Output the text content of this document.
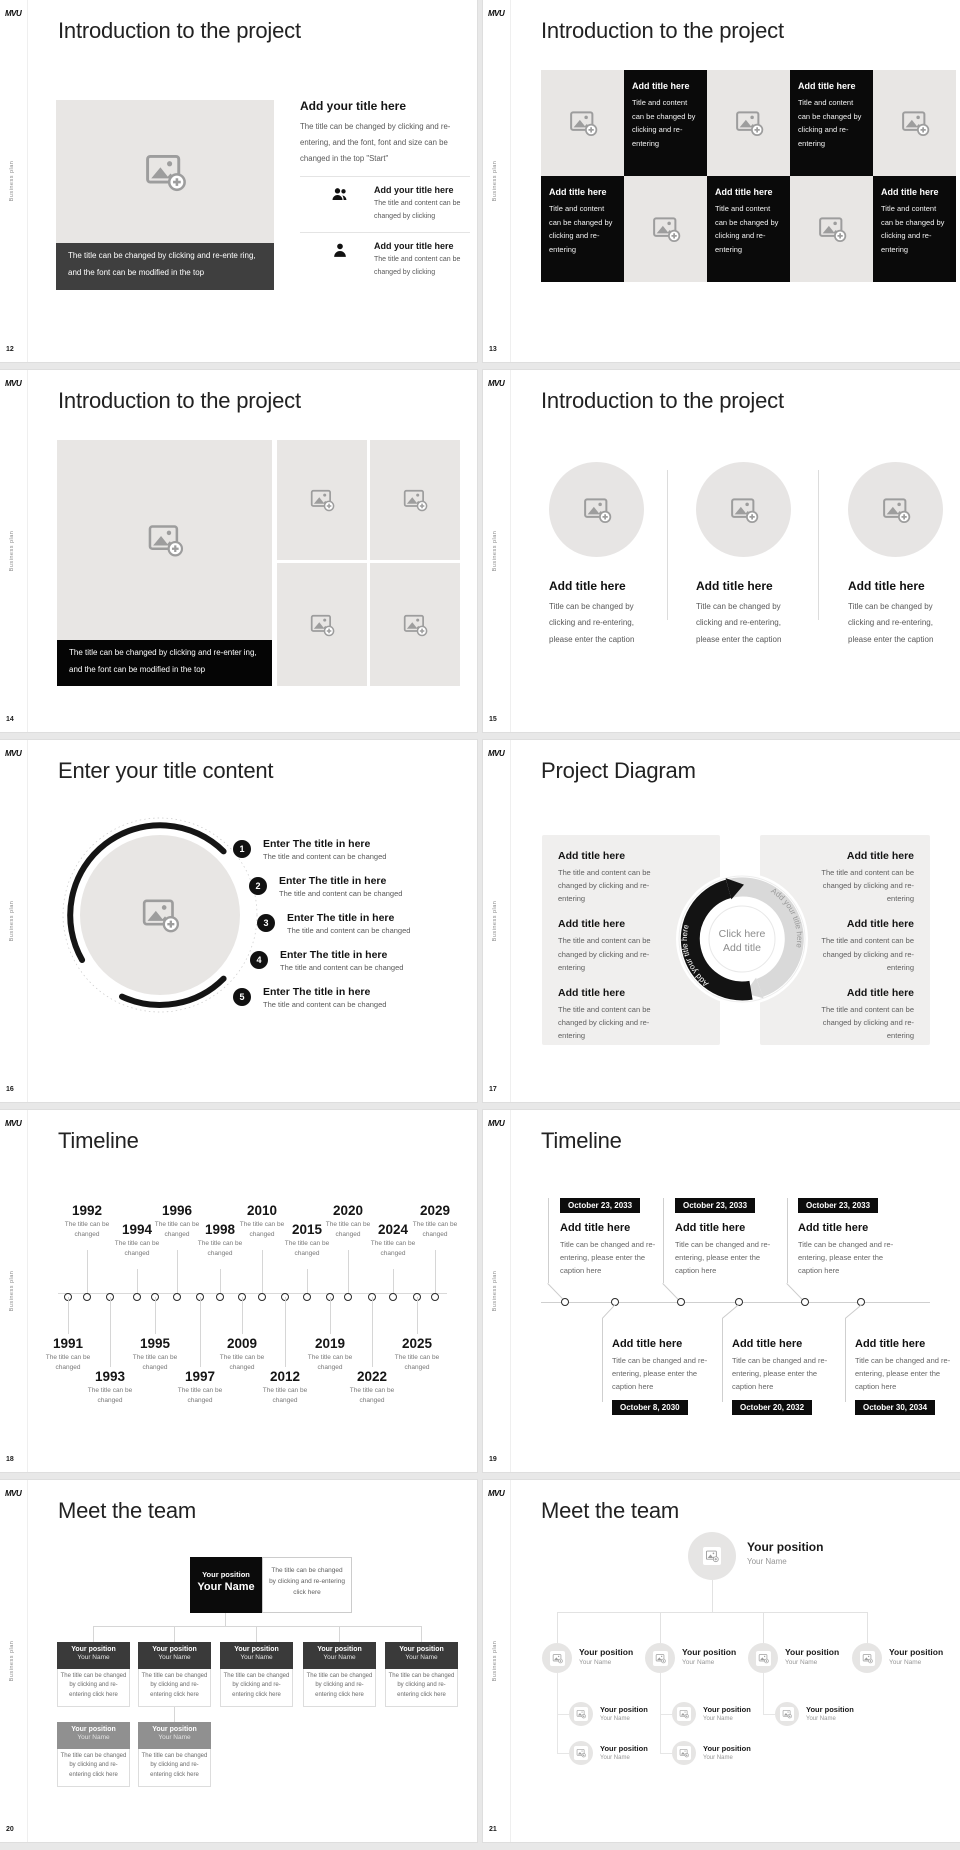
MVU
Business plan
12
Introduction to the project
The title can be changed by clicking and re-ente ring, and the font can be modified in the top
Add your title here

The title can be changed by clicking and re-entering, and the font, font and size can be changed in the top "Start"

Add your title here
The title and content can be changed by clicking
Add your title here
The title and content can be changed by clicking
MVU
Business plan
13
Introduction to the project
Add title here
Title and content can be changed by clicking and re-entering
Add title here
Title and content can be changed by clicking and re-entering
Add title here
Title and content can be changed by clicking and re-entering
Add title here
Title and content can be changed by clicking and re-entering
Add title here
Title and content can be changed by clicking and re-entering
MVU
Business plan
14
Introduction to the project
The title can be changed by clicking and re-enter ing, and the font can be modified in the top
MVU
Business plan
15
Introduction to the project
Add title here

Title can be changed by clicking and re-entering, please enter the caption

Add title here

Title can be changed by clicking and re-entering, please enter the caption

Add title here

Title can be changed by clicking and re-entering, please enter the caption

MVU
Business plan
16
Enter your title content
1	Enter The title in here

The title and content can be changed

2	Enter The title in here

The title and content can be changed

3	Enter The title in here

The title and content can be changed

4	Enter The title in here

The title and content can be changed

5	Enter The title in here

The title and content can be changed

MVU
Business plan
17
Project Diagram
Add title here

The title and content can be changed by clicking and re-entering

Add title here

The title and content can be changed by clicking and re-entering

Add title here

The title and content can be changed by clicking and re-entering

Add title here

The title and content can be changed by clicking and re-entering

Add title here

The title and content can be changed by clicking and re-entering

Add title here

The title and content can be changed by clicking and re-entering

Add your title here
Add your title here
Click here
Add title
MVU
Business plan
18
Timeline
1992
The title can be changed	1994
The title can be changed
1996
The title can be changed	1998
The title can be changed
2010
The title can be changed	2015
The title can be changed
2020
The title can be changed	2024
The title can be changed
2029
The title can be changed
1991
The title can be changed
1993
The title can be changed
1995
The title can be changed
1997
The title can be changed
2009
The title can be changed
2012
The title can be changed
2019
The title can be changed
2022
The title can be changed
2025
The title can be changed
MVU
Business plan
19
Timeline
October 23, 2033
Add title here

Title can be changed and re-entering, please enter the caption here

October 23, 2033
Add title here

Title can be changed and re-entering, please enter the caption here

October 23, 2033
Add title here

Title can be changed and re-entering, please enter the caption here

Add title here

Title can be changed and re-entering, please enter the caption here

October 8, 2030
Add title here

Title can be changed and re-entering, please enter the caption here

October 20, 2032
Add title here

Title can be changed and re-entering, please enter the caption here

October 30, 2034
MVU
Business plan
20
Meet the team
Your position
Your Name
The title can be changed by clicking and re-entering click here
Your position
Your Name
The title can be changed by clicking and re-entering click here
Your position
Your Name
The title can be changed by clicking and re-entering click here
Your position
Your Name
The title can be changed by clicking and re-entering click here
Your position
Your Name
The title can be changed by clicking and re-entering click here
Your position
Your Name
The title can be changed by clicking and re-entering click here
Your position
Your Name
The title can be changed by clicking and re-entering click here
Your position
Your Name
The title can be changed by clicking and re-entering click here
MVU
Business plan
21
Meet the team
Your position
Your Name
Your position
Your Name
Your position
Your Name
Your position
Your Name
Your position
Your Name
Your position
Your Name
Your position
Your Name
Your position
Your Name
Your position
Your Name
Your position
Your Name
